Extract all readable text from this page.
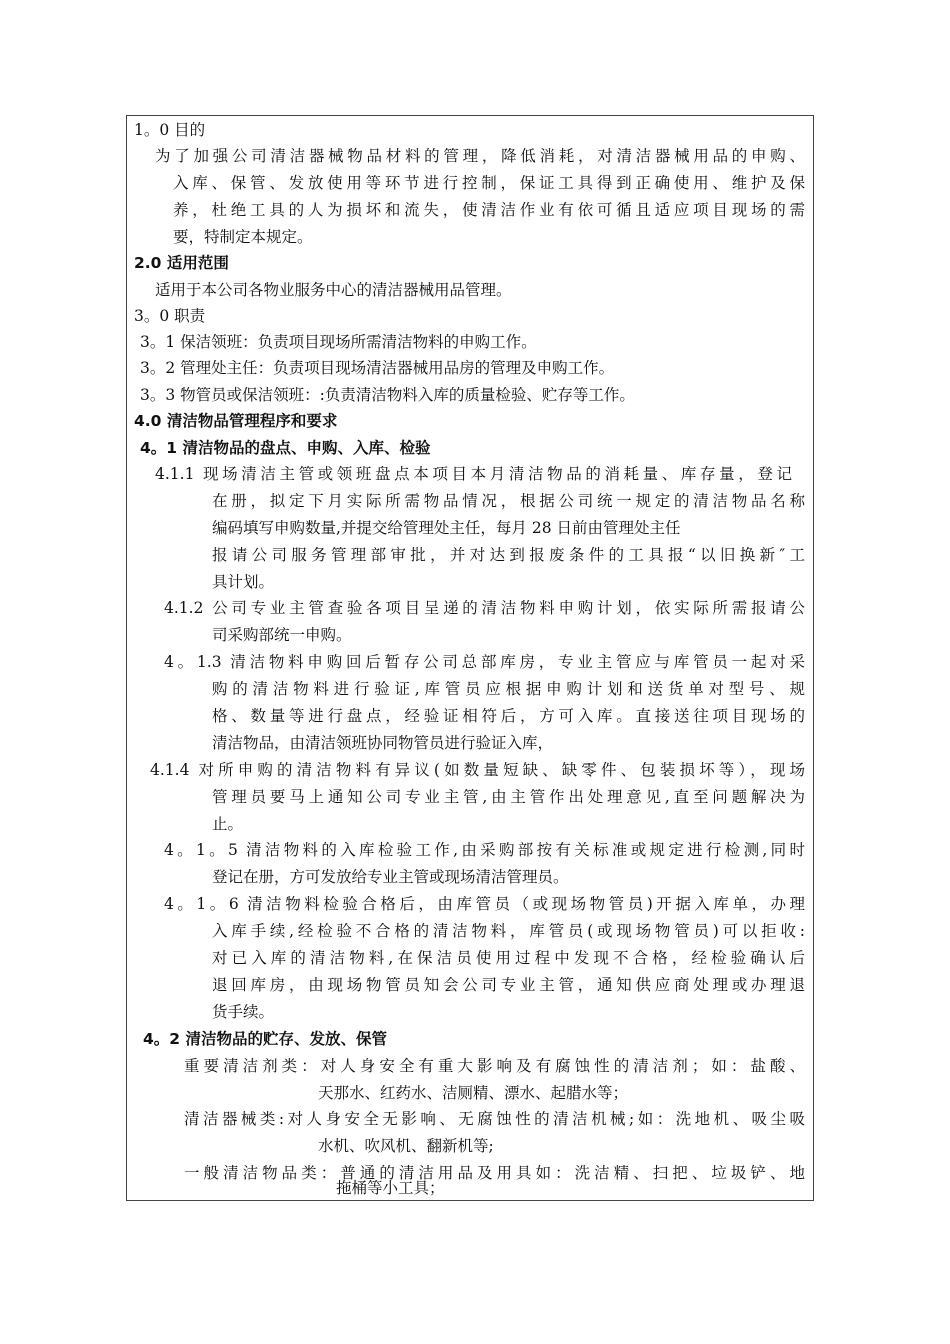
1。0 目的
为了加强公司清洁器械物品材料的管理，降低消耗，对清洁器械用品的申购、
入库、保管、发放使用等环节进行控制，保证工具得到正确使用、维护及保
养，杜绝工具的人为损坏和流失，使清洁作业有依可循且适应项目现场的需
要，特制定本规定。
2.0 适用范围
适用于本公司各物业服务中心的清洁器械用品管理。
3。0 职责
3。1 保洁领班：负责项目现场所需清洁物料的申购工作。
3。2 管理处主任：负责项目现场清洁器械用品房的管理及申购工作。
3。3 物管员或保洁领班：:负责清洁物料入库的质量检验、贮存等工作。
4.0 清洁物品管理程序和要求
4。1 清洁物品的盘点、申购、入库、检验
4.1.1 现场清洁主管或领班盘点本项目本月清洁物品的消耗量、库存量，登记
在册，拟定下月实际所需物品情况，根据公司统一规定的清洁物品名称
编码填写申购数量,并提交给管理处主任，每月 28 日前由管理处主任
报请公司服务管理部审批，并对达到报废条件的工具报“以旧换新″工
具计划。
4.1.2 公司专业主管查验各项目呈递的清洁物料申购计划，依实际所需报请公
司采购部统一申购。
4。1.3 清洁物料申购回后暂存公司总部库房，专业主管应与库管员一起对采
购的清洁物料进行验证,库管员应根据申购计划和送货单对型号、规
格、数量等进行盘点，经验证相符后，方可入库。直接送往项目现场的
清洁物品，由清洁领班协同物管员进行验证入库，
4.1.4 对所申购的清洁物料有异议(如数量短缺、缺零件、包装损坏等），现场
管理员要马上通知公司专业主管,由主管作出处理意见,直至问题解决为
止。
4。1。5 清洁物料的入库检验工作,由采购部按有关标准或规定进行检测,同时
登记在册，方可发放给专业主管或现场清洁管理员。
4。1。6 清洁物料检验合格后，由库管员（或现场物管员)开据入库单，办理
入库手续,经检验不合格的清洁物料，库管员(或现场物管员)可以拒收:
对已入库的清洁物料,在保洁员使用过程中发现不合格，经检验确认后
退回库房，由现场物管员知会公司专业主管，通知供应商处理或办理退
货手续。
4。2 清洁物品的贮存、发放、保管
重要清洁剂类：对人身安全有重大影响及有腐蚀性的清洁剂；如：盐酸、
天那水、红药水、洁厕精、漂水、起腊水等；
清洁器械类:对人身安全无影响、无腐蚀性的清洁机械;如：洗地机、吸尘吸
水机、吹风机、翻新机等;
一般清洁物品类：普通的清洁用品及用具如：洗洁精、扫把、垃圾铲、地
拖桶等小工具；
